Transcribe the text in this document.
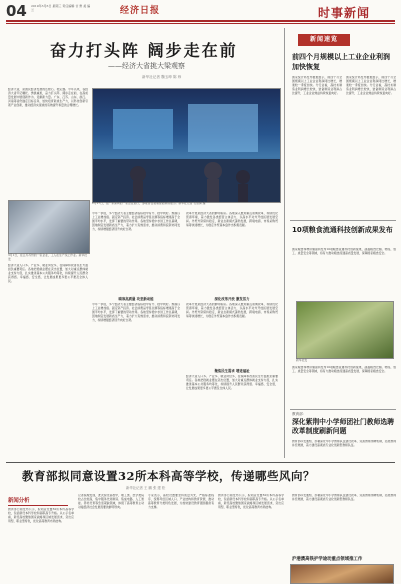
04 2019年3月6日 星期三 责任编辑 甘 勇 美 编 兰	经济日报	时事新闻
奋力打头阵 阔步走在前
——经济大省挑大梁观察
新华社记者 魏玉坤 陈 炜
经济大省，是国民经济发展的压舱石、稳定器。今年以来，各经济大省牢记嘱托、勇挑重担，奋力打头阵、阔步走在前，在高质量发展中展现新作为、贡献新力量。广东、江苏、山东、浙江、河南等省份锚定目标任务，加快培育新质生产力，以科技创新引领产业创新，推动经济实现质的有效提升和量的合理增长。
2月27日，在广东深圳的一家企业展厅，参观者在观看智能制造展示。新华社记者 毛思倩 摄
今年一季度，多个经济大省主要经济指标稳中有升、稳中向好。规模以上工业增加值、固定资产投资、社会消费品零售总额等指标增速高于全国平均水平，发挥了重要的带动作用。各地坚持稳中求进工作总基调，因地制宜发展新质生产力，着力扩大有效需求，推动消费和投资协同发力，持续增强经济回升向好态势。
改革开放是经济大省的鲜明标识。各地深入推进重点领域改革，持续优化营商环境，着力激发各类经营主体活力，以高水平对外开放拓展发展空间。外贸外资保持稳定，新业态新模式蓬勃发展，跨境电商、市场采购贸易等快速增长，为稳定外贸基本盘作出积极贡献。
3月1日，在江苏苏州的一家企业，工人在生产线上作业。新华社发
经济大省人口多、产业多、就业岗位多，在保障和改善民生方面担负重要责任。各地把稳就业摆在突出位置，加大对重点群体就业支持力度，扎实推进基本公共服务均等化，持续提升人民群众获得感、幸福感、安全感，让发展成果更多更公平惠及全体人民。
瞄准高质量 攻坚新动能
今年一季度，多个经济大省主要经济指标稳中有升、稳中向好。规模以上工业增加值、固定资产投资、社会消费品零售总额等指标增速高于全国平均水平，发挥了重要的带动作用。各地坚持稳中求进工作总基调，因地制宜发展新质生产力，着力扩大有效需求，推动消费和投资协同发力，持续增强经济回升向好态势。
深化改革开放 激发活力
改革开放是经济大省的鲜明标识。各地深入推进重点领域改革，持续优化营商环境，着力激发各类经营主体活力，以高水平对外开放拓展发展空间。外贸外资保持稳定，新业态新模式蓬勃发展，跨境电商、市场采购贸易等快速增长，为稳定外贸基本盘作出积极贡献。
聚焦民生需求 增进福祉
经济大省人口多、产业多、就业岗位多，在保障和改善民生方面担负重要责任。各地把稳就业摆在突出位置，加大对重点群体就业支持力度，扎实推进基本公共服务均等化，持续提升人民群众获得感、幸福感、安全感，让发展成果更多更公平惠及全体人民。
新闻速览
前四个月规模以上工业企业利润加快恢复
国家统计局发布数据显示，前四个月全国规模以上工业企业利润同比增长，增速较一季度加快。分行业看，高技术制造业利润增长较快，装备制造业利润占比提升，工业企业效益持续恢复向好。
国家统计局发布数据显示，前四个月全国规模以上工业企业利润同比增长，增速较一季度加快。分行业看，高技术制造业利润增长较快，装备制造业利润占比提升，工业企业效益持续恢复向好。
10项粮食流通科技创新成果发布
国家粮食和物资储备局发布10项粮食流通科技创新成果，涵盖粮食仓储、物流、加工、质量安全等领域，将有力推动粮食流通高质量发展，保障国家粮食安全。
新华社发
国家粮食和物资储备局发布10项粮食流通科技创新成果，涵盖粮食仓储、物流、加工、质量安全等领域，将有力推动粮食流通高质量发展，保障国家粮食安全。
教育部：
深化紫荆中小学师团社门教师选聘改革制度刷新问题
教育部印发通知，部署深化中小学教师队伍建设改革，完善教师选聘机制，拓宽教师补充渠道，着力建设高素质专业化创新型教师队伍。
教育部拟同意设置32所本科高等学校，传递哪些风向？
新华社记者 王 鹏 张 建 松
新闻分析
教育部日前发布公示，拟同意设置32所本科高等学校，包括新设本科学校和高职高专升格。从公示名单看，新设高校聚焦国家战略和区域发展需求，突出应用型、职业型特色，优化高等教育布局结构。
记者梳理发现，此次拟设高校中，理工类、医学类院校占比较高，集中服务先进制造、集成电路、人工智能、养老托育等急需紧缺领域，体现了高等教育主动对接经济社会发展需要的鲜明导向。
专家表示，高校设置要坚持质量为先，严格标准程序，统筹考虑区域人口、产业结构和教育资源，推动高等教育分类特色发展，为加快建设教育强国提供有力支撑。
教育部日前发布公示，拟同意设置32所本科高等学校，包括新设本科学校和高职高专升格。从公示名单看，新设高校聚焦国家战略和区域发展需求，突出应用型、职业型特色，优化高等教育布局结构。
教育部印发通知，部署深化中小学教师队伍建设改革，完善教师选聘机制，拓宽教师补充渠道，着力建设高素质专业化创新型教师队伍。
沪港澳高铁护学途动重点领域推工作
